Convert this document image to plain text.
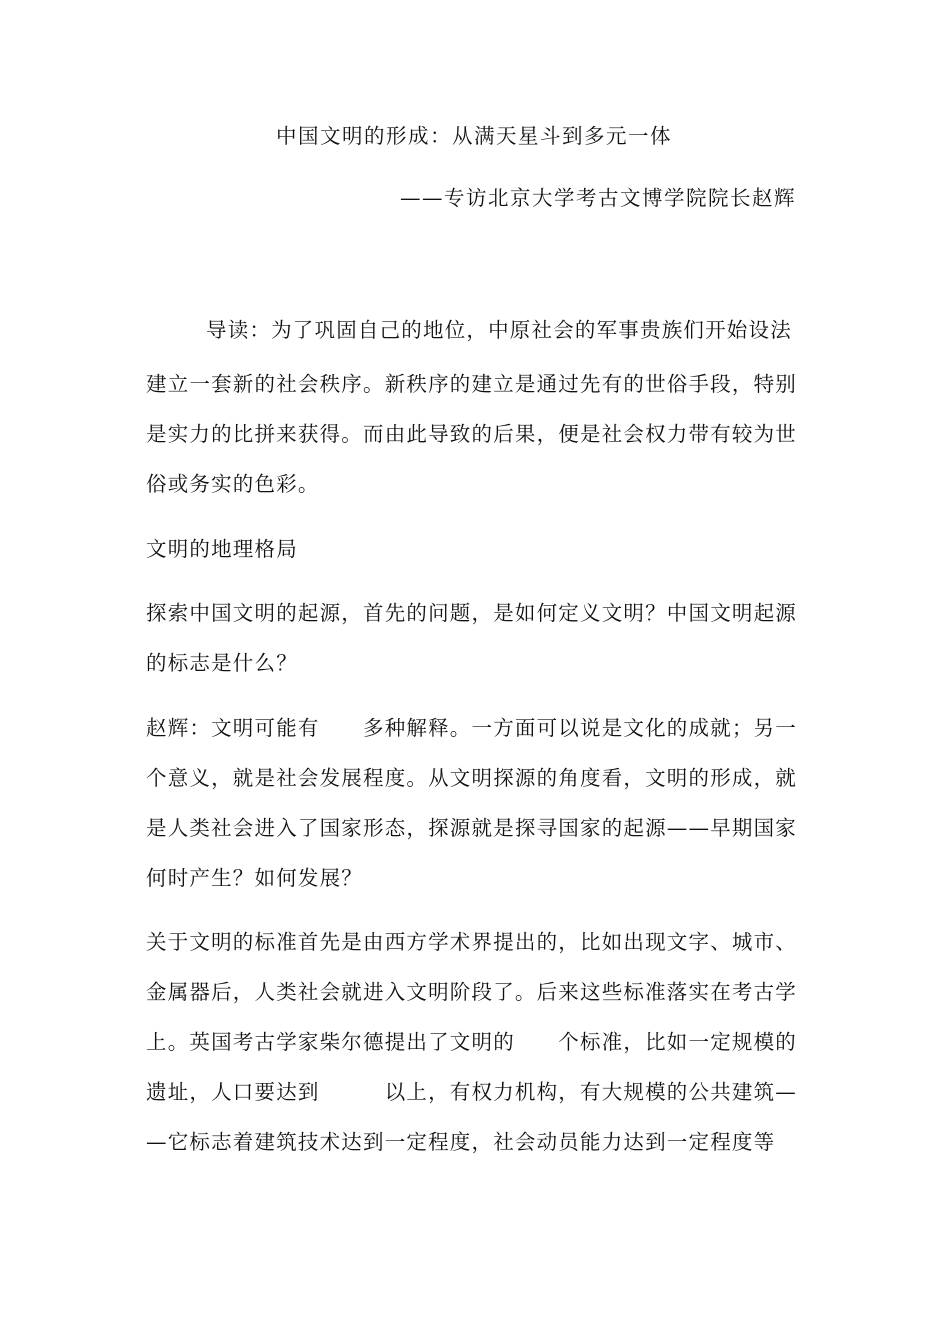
中国文明的形成：从满天星斗到多元一体
——专访北京大学考古文博学院院长赵辉
导读：为了巩固自己的地位，中原社会的军事贵族们开始设法
建立一套新的社会秩序。新秩序的建立是通过先有的世俗手段，特别
是实力的比拼来获得。而由此导致的后果，便是社会权力带有较为世
俗或务实的色彩。
文明的地理格局
探索中国文明的起源，首先的问题，是如何定义文明？中国文明起源
的标志是什么？
赵辉：文明可能有　　多种解释。一方面可以说是文化的成就；另一
个意义，就是社会发展程度。从文明探源的角度看，文明的形成，就
是人类社会进入了国家形态，探源就是探寻国家的起源——早期国家
何时产生？如何发展？
关于文明的标准首先是由西方学术界提出的，比如出现文字、城市、
金属器后，人类社会就进入文明阶段了。后来这些标准落实在考古学
上。英国考古学家柴尔德提出了文明的　　个标准，比如一定规模的
遗址，人口要达到　　　以上，有权力机构，有大规模的公共建筑—
—它标志着建筑技术达到一定程度，社会动员能力达到一定程度等
